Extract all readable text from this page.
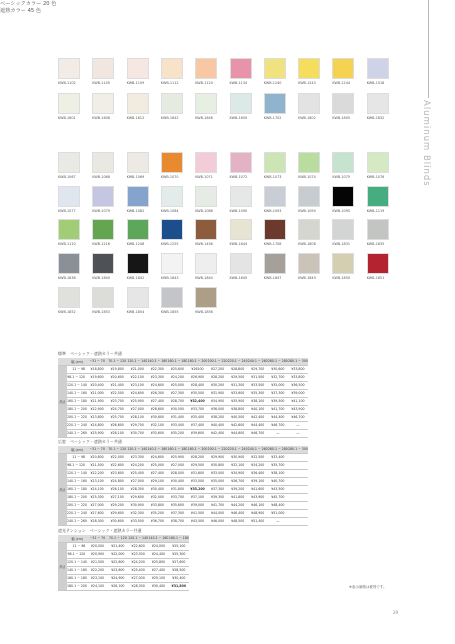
Aluminum Blinds
ベーシックカラー 20 色
KWB-1102	KWB-1105	KWB-1109	KWB-1112	KWB-1124	KWB-1134	KWB-1240	KWB-1243	KWB-1244	KWB-1518
KWB-1601	KWB-1608	KWB-1612	KWB-1642	KWB-1646	KWB-1650	KWB-1702	KWB-1802	KWB-1805	KWB-1832
遮熱カラー 45 色
KWB-1067	KWB-1068	KWB-1069	KWB-1070	KWB-1071	KWB-1072	KWB-1073	KWB-1074	KWB-1075	KWB-1076
KWB-1077	KWB-1079	KWB-1082	KWB-1084	KWB-1086	KWB-1090	KWB-1093	KWB-1094	KWB-1095	KWB-1119
KWB-1110	KWB-1216	KWB-1248	KWB-1255	KWB-1456	KWB-1644	KWB-1708	KWB-1806	KWB-1831	KWB-1835
KWB-1838	KWB-1840	KWB-1842	KWB-1843	KWB-1844	KWB-1845	KWB-1847	KWB-1849	KWB-1850	KWB-1851
KWB-1852	KWB-1853	KWB-1854	KWB-1855	KWB-1856
標準　ベーシック・遮熱カラー共通
	幅 (cm)	~31 ~ 70	70.1 ~ 120	120.1 ~ 140	140.1 ~ 160	160.1 ~ 180	180.1 ~ 200	200.1 ~ 220	220.1 ~ 240	240.1 ~ 260	260.1 ~ 280	280.1 ~ 300
高さ	11 ~ 98	¥18,800	¥19,800	¥21,000	¥22,300	¥25,600	¥26100	¥27,200	¥28,800	¥29,700	¥30,600	¥33,800
	98.1 ~ 120	¥19,600	¥20,600	¥22,100	¥23,300	¥24,200	¥26,900	¥28,200	¥29,500	¥31,500	¥32,700	¥33,800
	120.1 ~ 140	¥20,400	¥21,400	¥23,100	¥24,600	¥25,000	¥28,400	¥30,200	¥31,300	¥33,500	¥35,000	¥36,500
	140.1 ~ 160	¥21,000	¥22,500	¥24,600	¥26,300	¥27,300	¥30,500	¥31,900	¥33,600	¥35,300	¥37,300	¥39,000
	160.1 ~ 180	¥21,900	¥23,700	¥25,900	¥27,400	¥28,700	¥32,400	¥34,900	¥35,900	¥38,100	¥39,500	¥41,100
	180.1 ~ 200	¥22,900	¥24,700	¥27,000	¥28,600	¥30,500	¥33,700	¥36,000	¥38,800	¥40,100	¥41,700	¥43,900
	200.1 ~ 220	¥23,800	¥25,700	¥28,100	¥30,600	¥31,400	¥35,400	¥38,200	¥40,500	¥42,400	¥44,400	¥46,700
	220.1 ~ 240	¥24,800	¥26,600	¥29,700	¥32,100	¥33,400	¥37,400	¥40,400	¥42,600	¥44,400	¥46,700	—
	240.1 ~ 260	¥25,900	¥28,100	¥30,700	¥33,600	¥35,200	¥39,600	¥42,400	¥44,600	¥46,700	—	—
広窓　ベーシック・遮熱カラー共通
	幅 (cm)	~31 ~ 70	70.1 ~ 120	120.1 ~ 140	140.1 ~ 160	160.1 ~ 180	180.1 ~ 200	200.1 ~ 220	220.1 ~ 240	240.1 ~ 260	260.1 ~ 280	280.1 ~ 300
高さ	11 ~ 98	¥20,800	¥22,000	¥23,300	¥24,600	¥25,900	¥28,200	¥29,900	¥30,900	¥32,500	¥33,400	
	98.1 ~ 120	¥21,500	¥22,600	¥24,200	¥25,000	¥27,000	¥29,500	¥30,800	¥32,100	¥34,200	¥35,700	
	120.1 ~ 140	¥22,200	¥23,600	¥25,400	¥27,400	¥28,000	¥31,600	¥33,000	¥34,900	¥36,400	¥38,100	
	140.1 ~ 160	¥23,100	¥24,800	¥27,000	¥29,100	¥30,400	¥33,500	¥35,000	¥36,700	¥39,100	¥40,700	
	160.1 ~ 180	¥24,100	¥26,100	¥28,300	¥30,400	¥31,800	¥35,200	¥37,300	¥39,200	¥41,600	¥43,500	
	180.1 ~ 200	¥25,300	¥27,100	¥29,600	¥32,000	¥33,700	¥37,100	¥39,300	¥41,800	¥43,900	¥45,700	
	200.1 ~ 220	¥27,000	¥29,200	¥30,900	¥33,800	¥35,600	¥39,000	¥41,700	¥44,200	¥46,100	¥48,400	
	220.1 ~ 240	¥27,600	¥29,600	¥32,300	¥35,200	¥37,300	¥41,500	¥44,000	¥46,400	¥48,900	¥51,000	
	240.1 ~ 260	¥28,300	¥30,600	¥33,500	¥36,700	¥38,700	¥43,500	¥46,000	¥48,500	¥51,400	—	
遮光テンション　ベーシック・遮熱カラー共通
	幅 (cm)	~31 ~ 70	70.1 ~ 120	120.1 ~ 140	140.1 ~ 160	160.1 ~ 180
高さ	11 ~ 98	¥20,000	¥21,400	¥22,600	¥24,000	¥25,100
	98.1 ~ 120	¥20,900	¥22,000	¥23,300	¥24,400	¥25,300
	120.1 ~ 140	¥21,500	¥22,600	¥24,200	¥25,800	¥27,600
	140.1 ~ 160	¥22,200	¥23,600	¥25,400	¥27,400	¥28,500
	160.1 ~ 180	¥23,100	¥24,900	¥27,000	¥29,100	¥30,400
	180.1 ~ 200	¥24,100	¥26,100	¥28,300	¥30,400	¥31,800	※表示価格は税別です。
29
